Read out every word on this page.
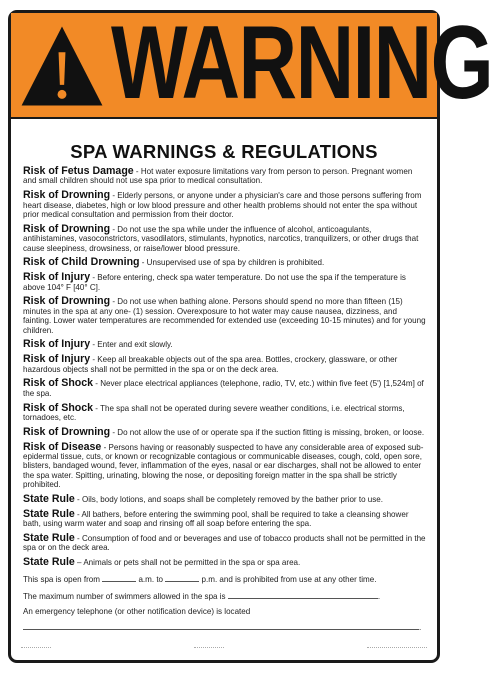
WARNING
SPA WARNINGS & REGULATIONS

Risk of Fetus Damage - Hot water exposure limitations vary from person to person. Pregnant women and small children should not use spa prior to medical consultation.

Risk of Drowning - Elderly persons, or anyone under a physician's care and those persons suffering from heart disease, diabetes, high or low blood pressure and other health problems should not enter the spa without prior medical consultation and permission from their doctor.

Risk of Drowning - Do not use the spa while under the influence of alcohol, anticoagulants, antihistamines, vasoconstrictors, vasodilators, stimulants, hypnotics, narcotics, tranquilizers, or other drugs that cause sleepiness, drowsiness, or raise/lower blood pressure.

Risk of Child Drowning - Unsupervised use of spa by children is prohibited.

Risk of Injury - Before entering, check spa water temperature. Do not use the spa if the temperature is above 104° F [40° C].

Risk of Drowning - Do not use when bathing alone. Persons should spend no more than fifteen (15) minutes in the spa at any one- (1) session. Overexposure to hot water may cause nausea, dizziness, and fainting. Lower water temperatures are recommended for extended use (exceeding 10-15 minutes) and for young children.

Risk of Injury - Enter and exit slowly.

Risk of Injury - Keep all breakable objects out of the spa area. Bottles, crockery, glassware, or other hazardous objects shall not be permitted in the spa or on the deck area.

Risk of Shock - Never place electrical appliances (telephone, radio, TV, etc.) within five feet (5') [1,524m] of the spa.

Risk of Shock - The spa shall not be operated during severe weather conditions, i.e. electrical storms, tornadoes, etc.

Risk of Drowning - Do not allow the use of or operate spa if the suction fitting is missing, broken, or loose.

Risk of Disease - Persons having or reasonably suspected to have any considerable area of exposed sub-epidermal tissue, cuts, or known or recognizable contagious or communicable diseases, cough, cold, open sore, blisters, bandaged wound, fever, inflammation of the eyes, nasal or ear discharges, shall not be allowed to enter the spa water. Spitting, urinating, blowing the nose, or depositing foreign matter in the spa shall be strictly prohibited.

State Rule - Oils, body lotions, and soaps shall be completely removed by the bather prior to use.

State Rule - All bathers, before entering the swimming pool, shall be required to take a cleansing shower bath, using warm water and soap and rinsing off all soap before entering the spa.

State Rule - Consumption of food and or beverages and use of tobacco products shall not be permitted in the spa or on the deck area.

State Rule – Animals or pets shall not be permitted in the spa or spa area.

This spa is open from	a.m. to	p.m. and is prohibited from use at any other time.

The maximum number of swimmers allowed in the spa is	.

An emergency telephone (or other notification device) is located

.
